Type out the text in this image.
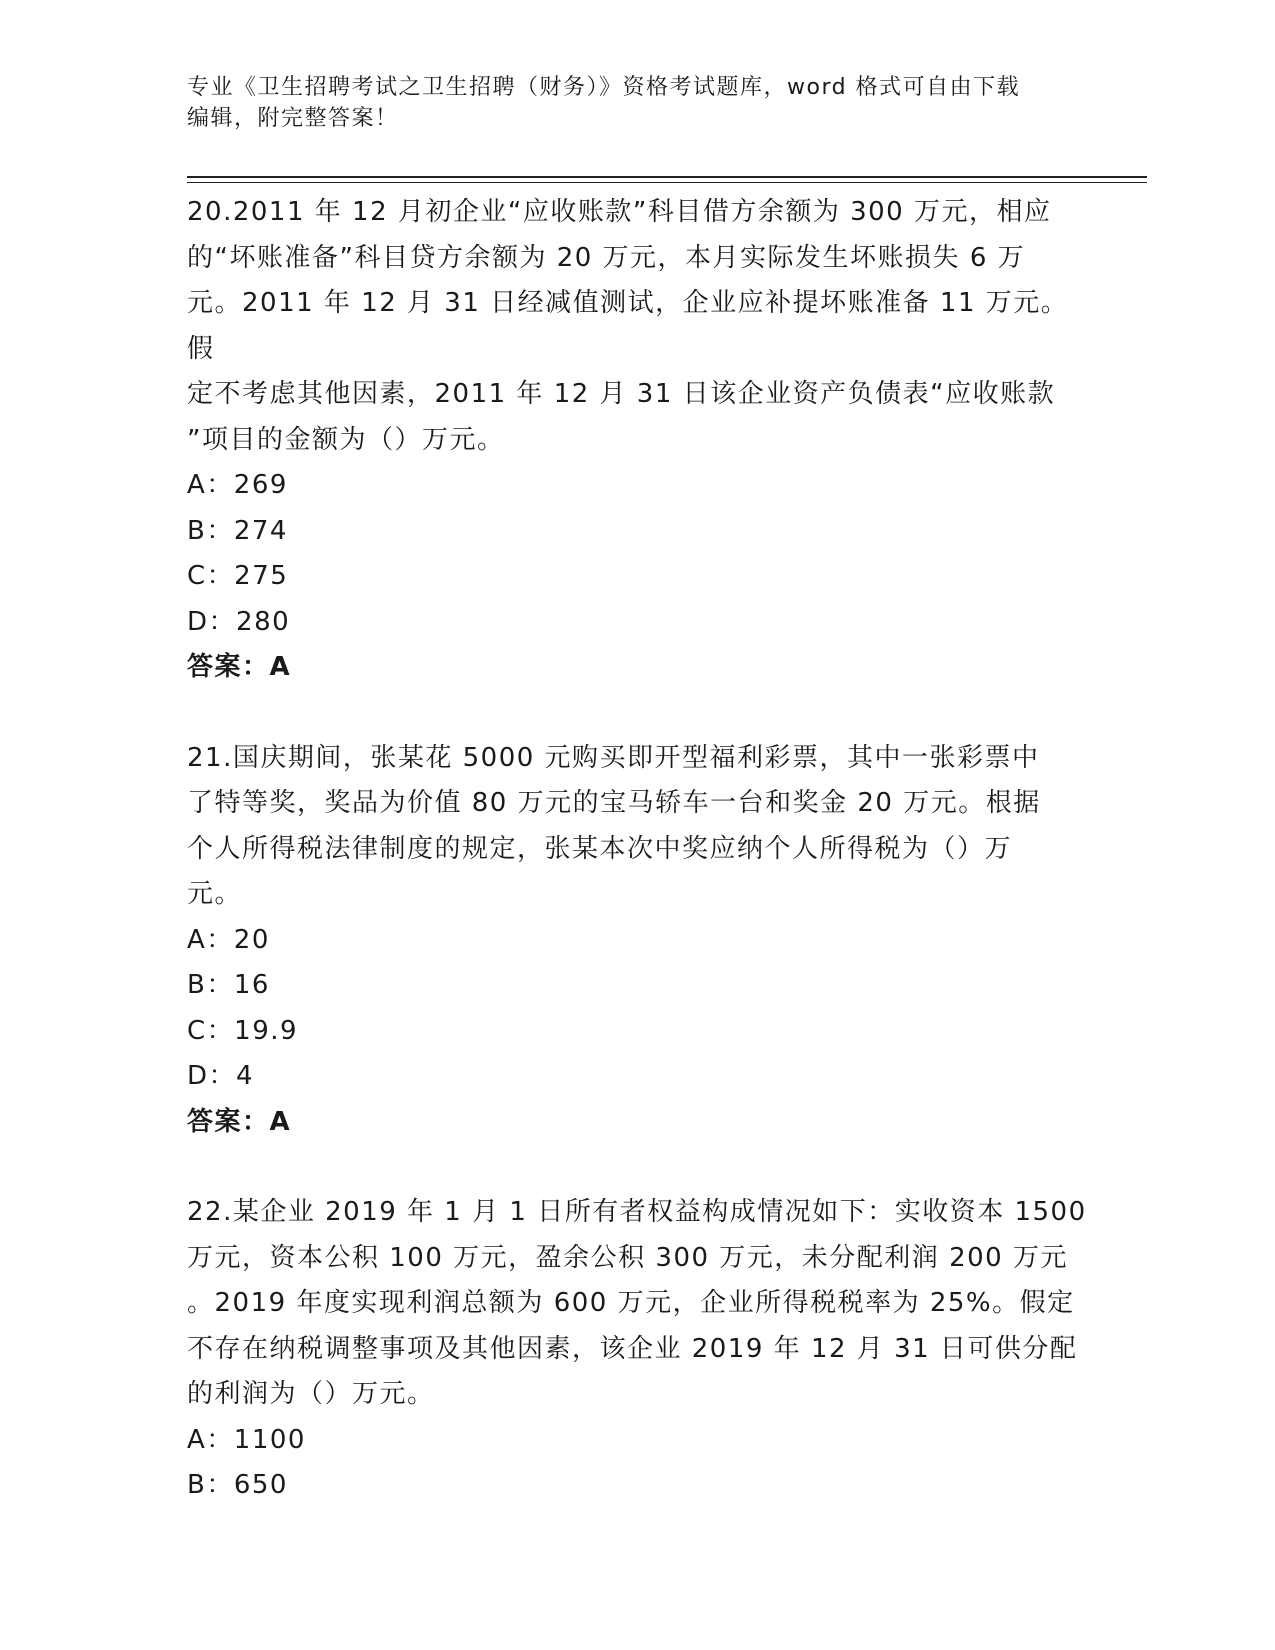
专业《卫生招聘考试之卫生招聘（财务）》资格考试题库，word 格式可自由下载
编辑，附完整答案！

20.2011 年 12 月初企业“应收账款”科目借方余额为 300 万元，相应

的“坏账准备”科目贷方余额为 20 万元，本月实际发生坏账损失 6 万

元。2011 年 12 月 31 日经减值测试，企业应补提坏账准备 11 万元。假

定不考虑其他因素，2011 年 12 月 31 日该企业资产负债表“应收账款

”项目的金额为（）万元。

A：269

B：274

C：275

D：280

答案：A

21.国庆期间，张某花 5000 元购买即开型福利彩票，其中一张彩票中

了特等奖，奖品为价值 80 万元的宝马轿车一台和奖金 20 万元。根据

个人所得税法律制度的规定，张某本次中奖应纳个人所得税为（）万

元。

A：20

B：16

C：19.9

D：4

答案：A

22.某企业 2019 年 1 月 1 日所有者权益构成情况如下：实收资本 1500

万元，资本公积 100 万元，盈余公积 300 万元，未分配利润 200 万元

。2019 年度实现利润总额为 600 万元，企业所得税税率为 25%。假定

不存在纳税调整事项及其他因素，该企业 2019 年 12 月 31 日可供分配

的利润为（）万元。

A：1100

B：650
